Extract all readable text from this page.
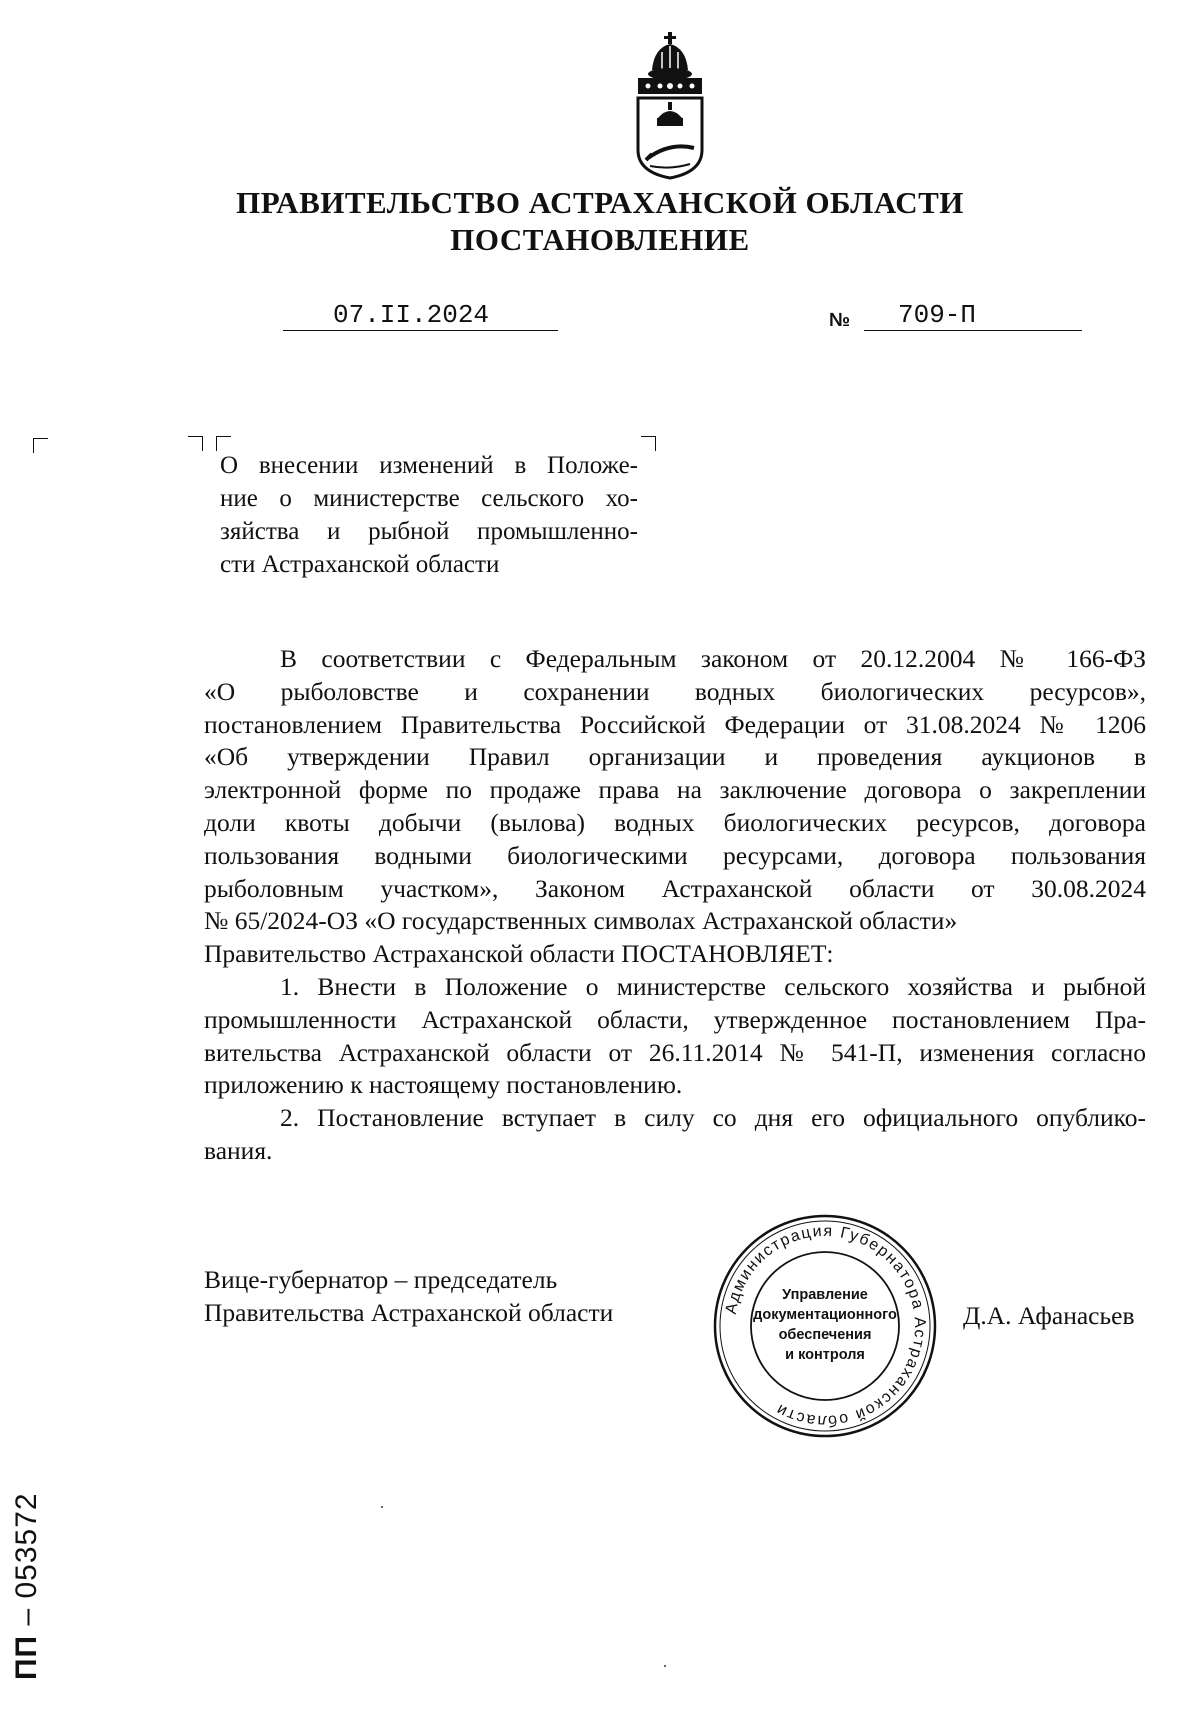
ПРАВИТЕЛЬСТВО АСТРАХАНСКОЙ ОБЛАСТИ
ПОСТАНОВЛЕНИЕ
07.II.2024	№ 709-П
О внесении изменений в Положе-
ние о министерстве сельского хо-
зяйства и рыбной промышленно-
сти Астраханской области
В соответствии с Федеральным законом от 20.12.2004 № 166-ФЗ
«О рыболовстве и сохранении водных биологических ресурсов»,
постановлением Правительства Российской Федерации от 31.08.2024 № 1206
«Об утверждении Правил организации и проведения аукционов в
электронной форме по продаже права на заключение договора о закреплении
доли квоты добычи (вылова) водных биологических ресурсов, договора
пользования водными биологическими ресурсами, договора пользования
рыболовным участком», Законом Астраханской области от 30.08.2024
№ 65/2024-ОЗ «О государственных символах Астраханской области»
Правительство Астраханской области ПОСТАНОВЛЯЕТ:
1. Внести в Положение о министерстве сельского хозяйства и рыбной
промышленности Астраханской области, утвержденное постановлением Пра-
вительства Астраханской области от 26.11.2014 № 541-П, изменения согласно
приложению к настоящему постановлению.
2. Постановление вступает в силу со дня его официального опублико-
вания.
Вице-губернатор – председатель
Правительства Астраханской области	Администрация Губернатора Астраханской области
Управление
документационного
обеспечения
и контроля
Д.А. Афанасьев
ПП – 053572
